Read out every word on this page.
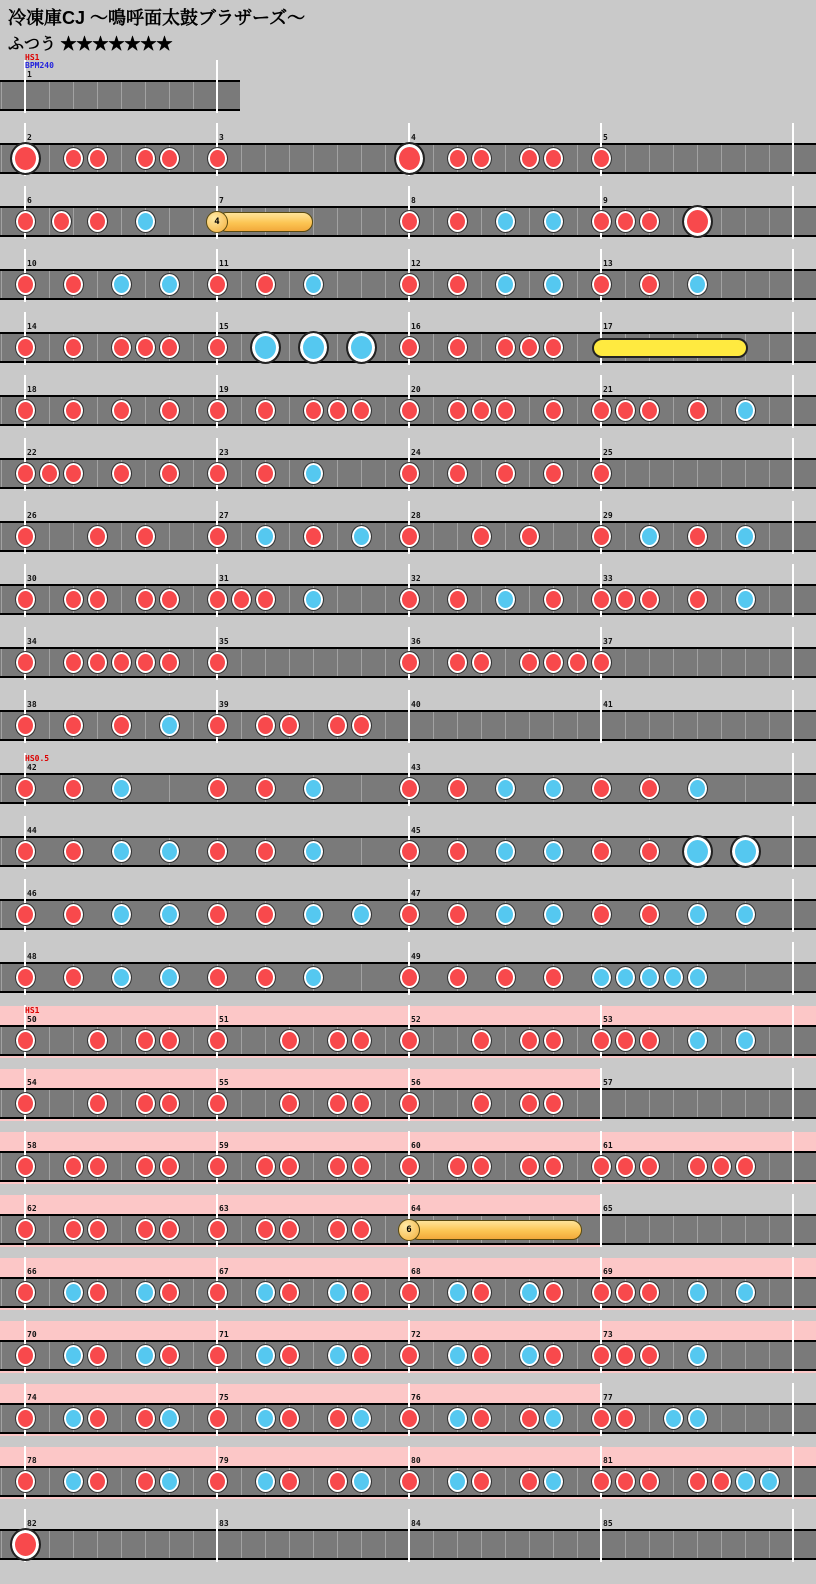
冷凍庫CJ ～鳴呼面太鼓ブラザーズ～
ふつう ★★★★★★★
1
HS1
BPM240
2	3	4	5
6	7	8	9
4
10	11	12	13
14	15	16	17
18	19	20	21
22	23	24	25
26	27	28	29
30	31	32	33
34	35	36	37
38	39	40	41
42	43
HS0.5
44	45
46	47
48	49
50	51	52	53
HS1
54	55	56	57
58	59	60	61
62	63	64	65
6
66	67	68	69
70	71	72	73
74	75	76	77
78	79	80	81
82	83	84	85
